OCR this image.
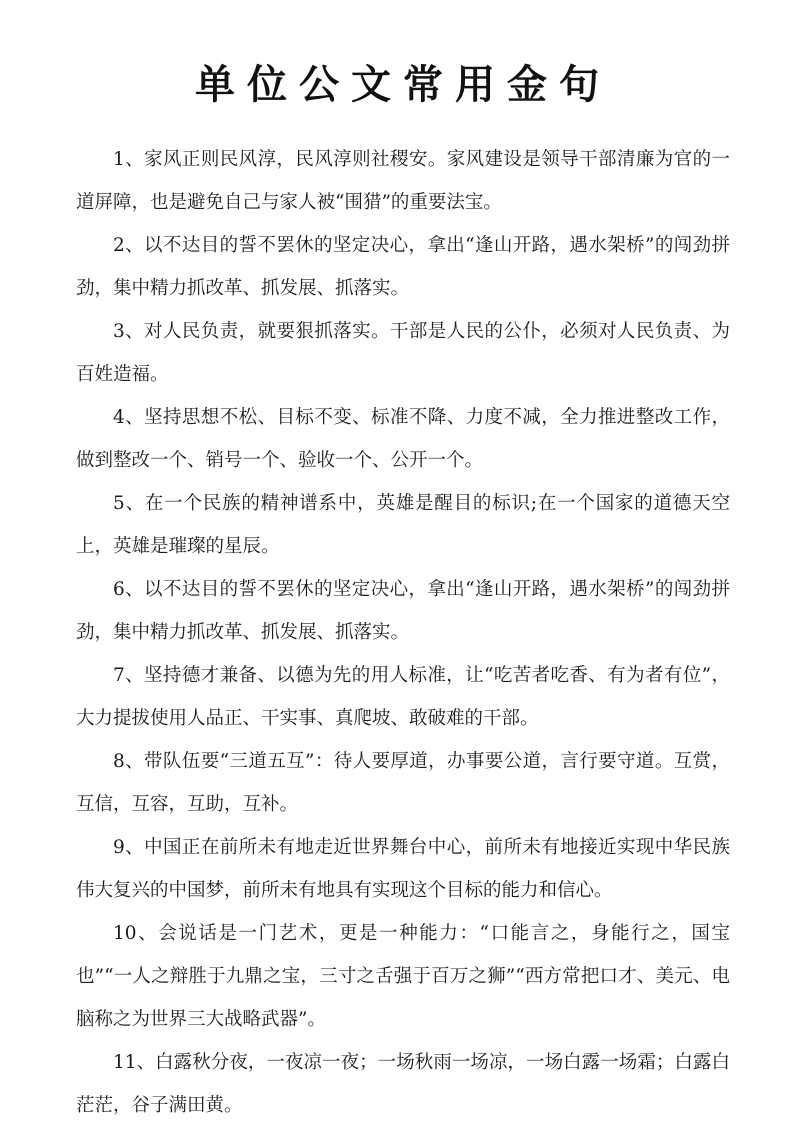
单位公文常用金句

1、家风正则民风淳，民风淳则社稷安。家风建设是领导干部清廉为官的一道屏障，也是避免自己与家人被“围猎”的重要法宝。

2、以不达目的誓不罢休的坚定决心，拿出“逢山开路，遇水架桥”的闯劲拼劲，集中精力抓改革、抓发展、抓落实。

3、对人民负责，就要狠抓落实。干部是人民的公仆，必须对人民负责、为百姓造福。

4、坚持思想不松、目标不变、标准不降、力度不减，全力推进整改工作，做到整改一个、销号一个、验收一个、公开一个。

5、在一个民族的精神谱系中，英雄是醒目的标识;在一个国家的道德天空上，英雄是璀璨的星辰。

6、以不达目的誓不罢休的坚定决心，拿出“逢山开路，遇水架桥”的闯劲拼劲，集中精力抓改革、抓发展、抓落实。

7、坚持德才兼备、以德为先的用人标准，让“吃苦者吃香、有为者有位”，大力提拔使用人品正、干实事、真爬坡、敢破难的干部。

8、带队伍要“三道五互”：待人要厚道，办事要公道，言行要守道。互赏，互信，互容，互助，互补。

9、中国正在前所未有地走近世界舞台中心，前所未有地接近实现中华民族伟大复兴的中国梦，前所未有地具有实现这个目标的能力和信心。

10、会说话是一门艺术，更是一种能力：“口能言之，身能行之，国宝也”“一人之辩胜于九鼎之宝，三寸之舌强于百万之狮”“西方常把口才、美元、电脑称之为世界三大战略武器”。

11、白露秋分夜，一夜凉一夜；一场秋雨一场凉，一场白露一场霜；白露白茫茫，谷子满田黄。
